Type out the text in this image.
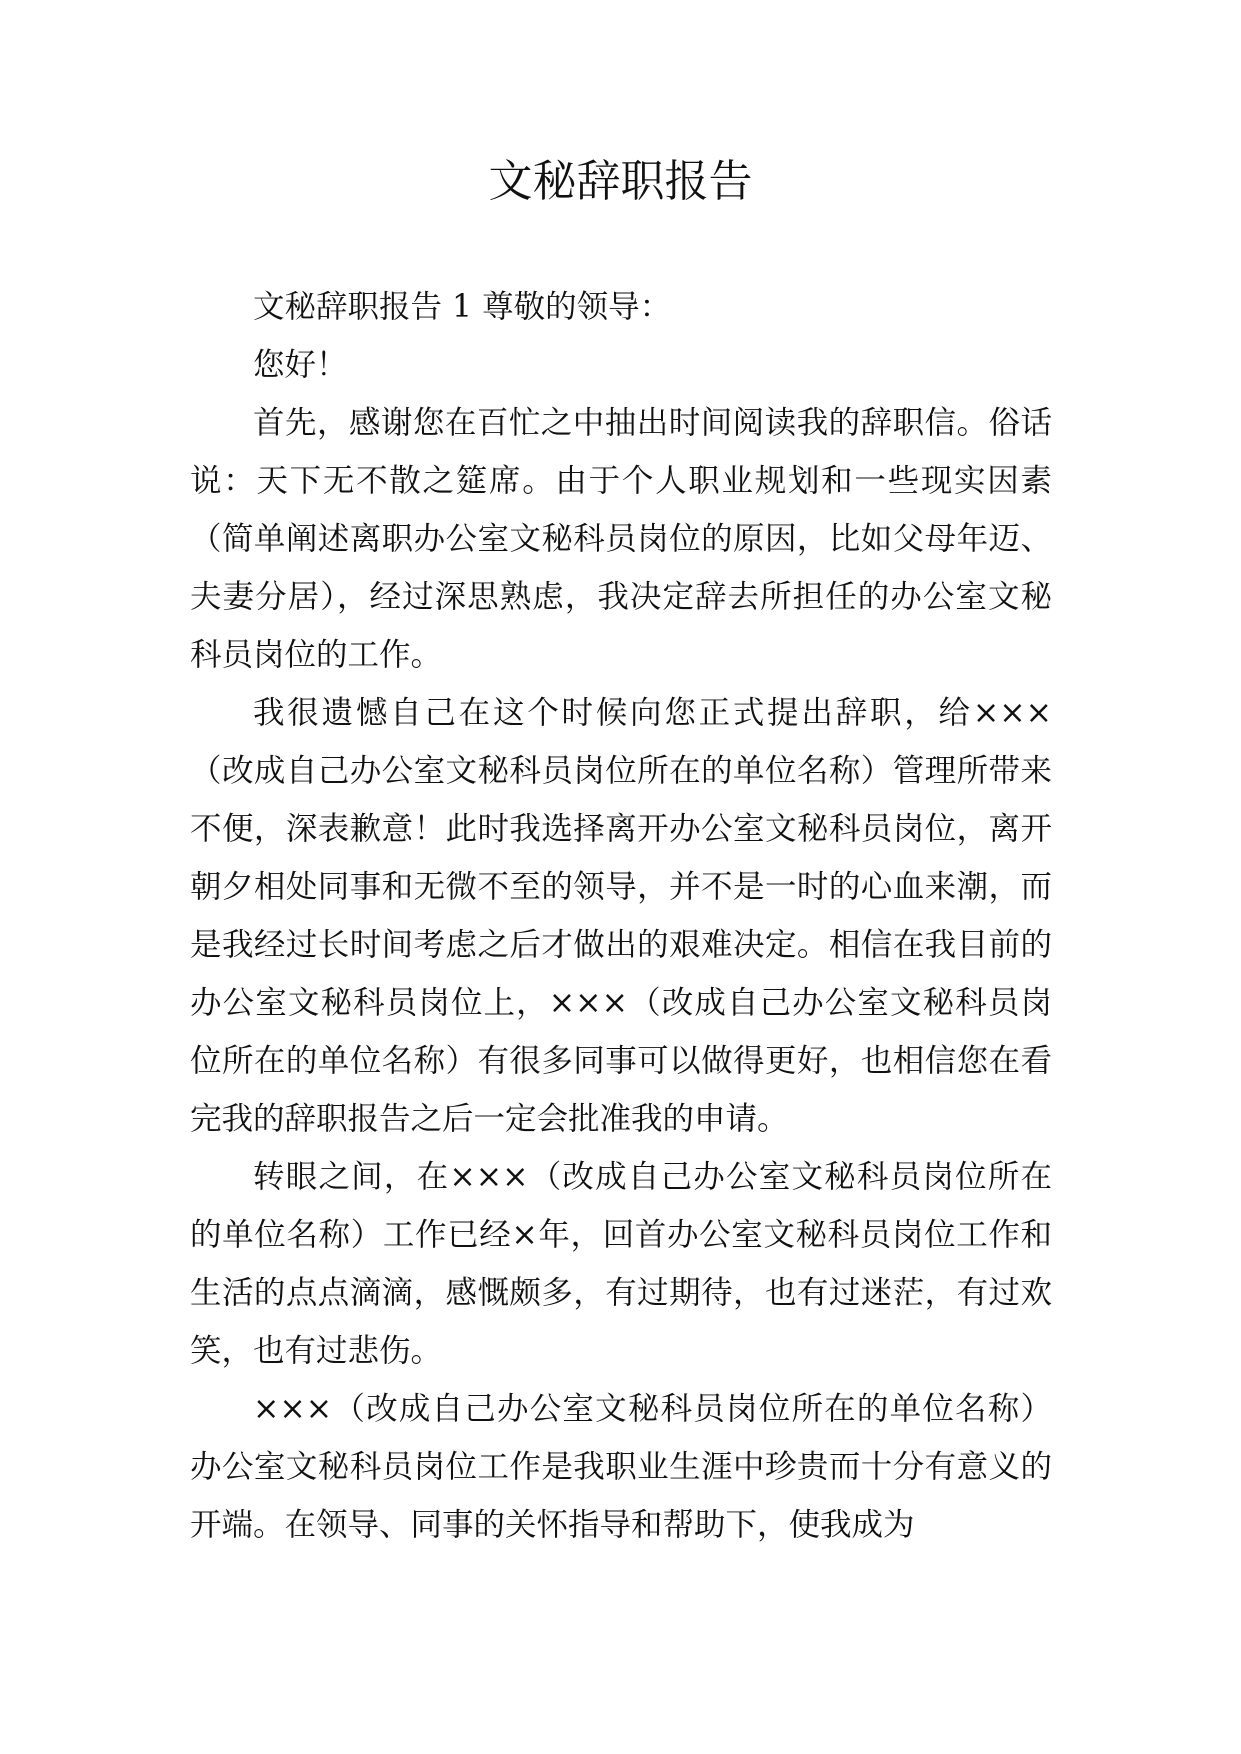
文秘辞职报告

文秘辞职报告 1 尊敬的领导：

您好！

首先，感谢您在百忙之中抽出时间阅读我的辞职信。俗话说：天下无不散之筵席。由于个人职业规划和一些现实因素（简单阐述离职办公室文秘科员岗位的原因，比如父母年迈、夫妻分居），经过深思熟虑，我决定辞去所担任的办公室文秘科员岗位的工作。

我很遗憾自己在这个时候向您正式提出辞职，给×××（改成自己办公室文秘科员岗位所在的单位名称）管理所带来不便，深表歉意！此时我选择离开办公室文秘科员岗位，离开朝夕相处同事和无微不至的领导，并不是一时的心血来潮，而是我经过长时间考虑之后才做出的艰难决定。相信在我目前的办公室文秘科员岗位上，×××（改成自己办公室文秘科员岗位所在的单位名称）有很多同事可以做得更好，也相信您在看完我的辞职报告之后一定会批准我的申请。

转眼之间，在×××（改成自己办公室文秘科员岗位所在的单位名称）工作已经×年，回首办公室文秘科员岗位工作和生活的点点滴滴，感慨颇多，有过期待，也有过迷茫，有过欢笑，也有过悲伤。

×××（改成自己办公室文秘科员岗位所在的单位名称）办公室文秘科员岗位工作是我职业生涯中珍贵而十分有意义的开端。在领导、同事的关怀指导和帮助下，使我成为
